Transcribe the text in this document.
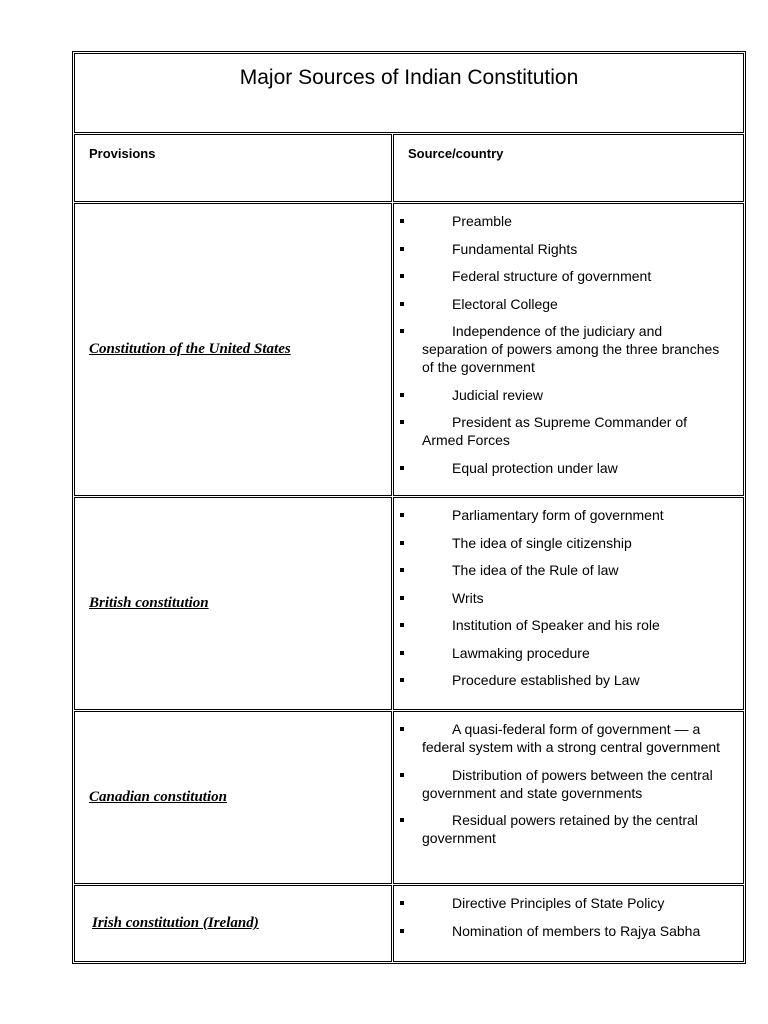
Major Sources of Indian Constitution
Provisions	Source/country
Constitution of the United States
Preamble
Fundamental Rights
Federal structure of government
Electoral College
Independence of the judiciary and separation of powers among the three branches of the government
Judicial review
President as Supreme Commander of Armed Forces
Equal protection under law
British constitution
Parliamentary form of government
The idea of single citizenship
The idea of the Rule of law
Writs
Institution of Speaker and his role
Lawmaking procedure
Procedure established by Law
Canadian constitution
A quasi-federal form of government — a federal system with a strong central government
Distribution of powers between the central government and state governments
Residual powers retained by the central government
Irish constitution (Ireland)
Directive Principles of State Policy
Nomination of members to Rajya Sabha
